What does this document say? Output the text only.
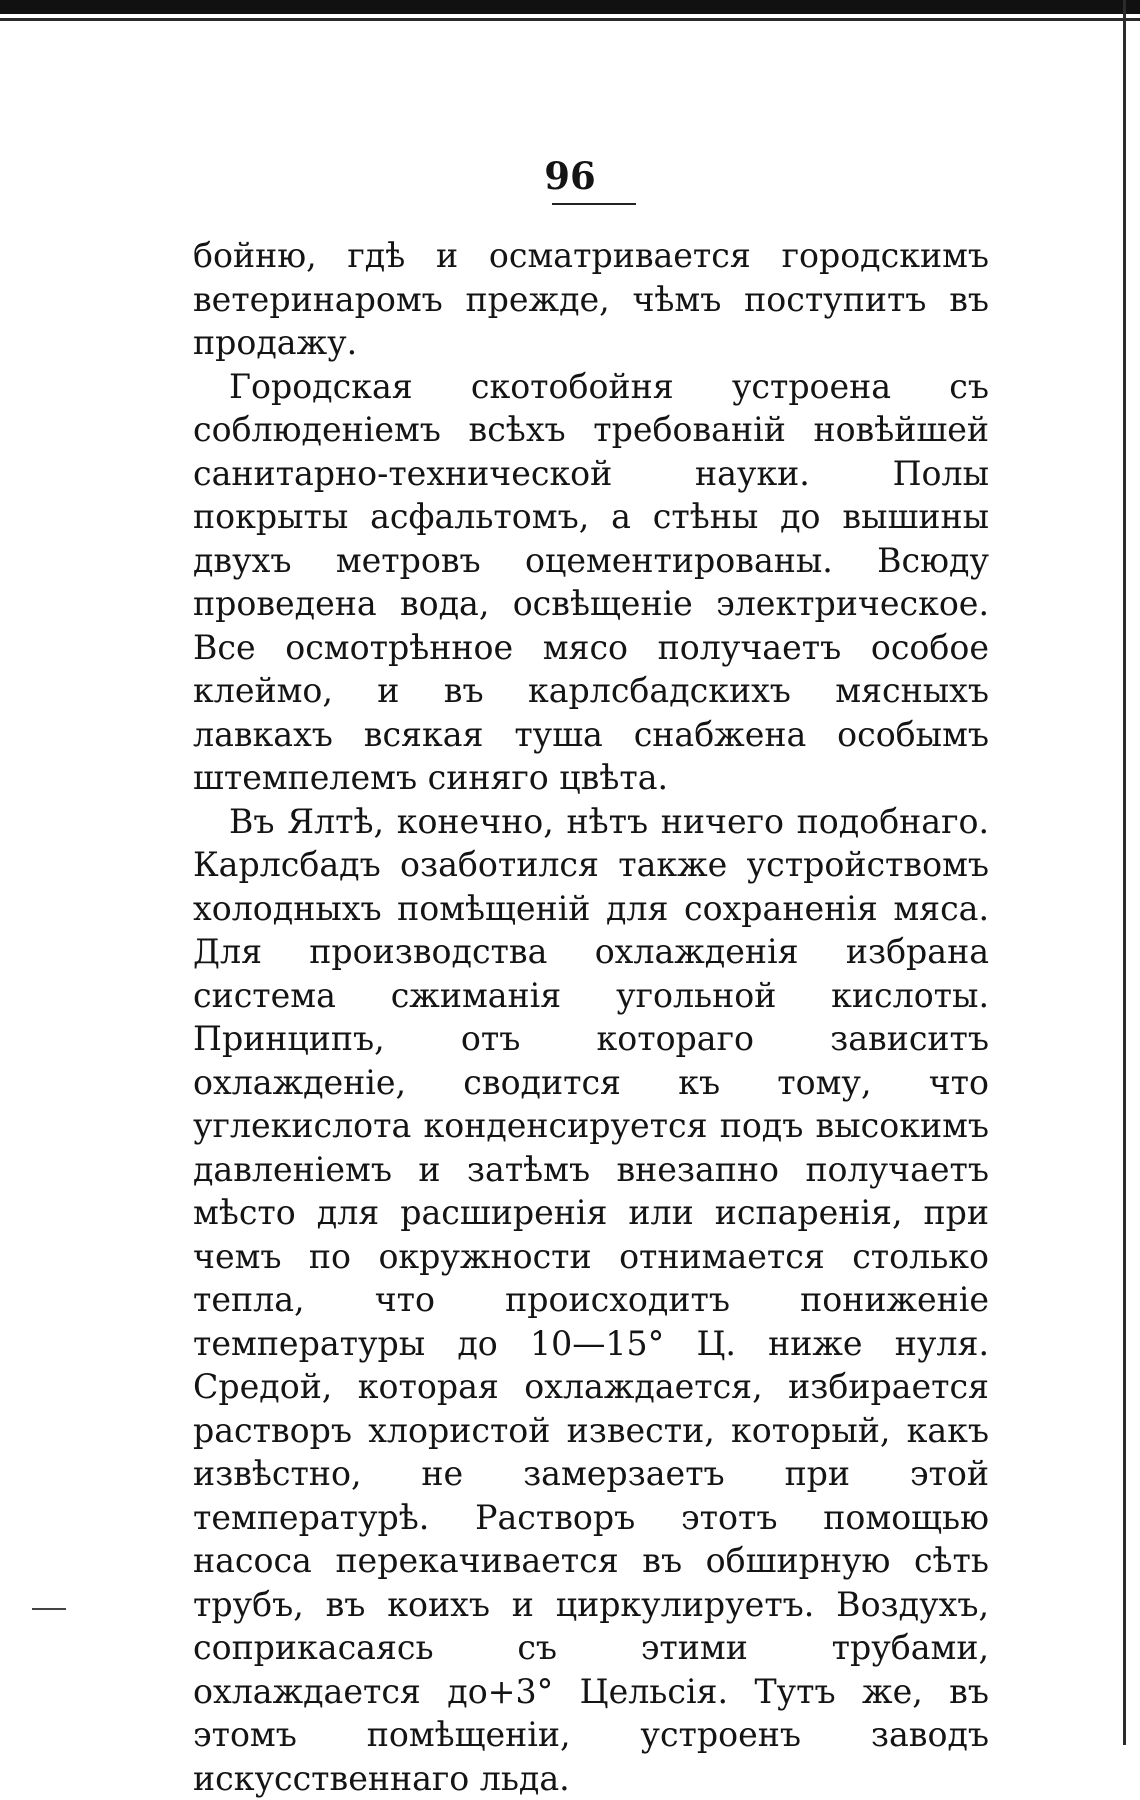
96

бойню, гдѣ и осматривается городскимъ ветеринаромъ прежде, чѣмъ поступитъ въ продажу.

Городская скотобойня устроена съ соблюденіемъ всѣхъ требованій новѣйшей санитарно-технической науки. Полы покрыты асфальтомъ, а стѣны до вышины двухъ метровъ оцементированы. Всюду проведена вода, освѣщеніе электрическое. Все осмотрѣнное мясо получаетъ особое клеймо, и въ карлсбадскихъ мясныхъ лавкахъ всякая туша снабжена особымъ штемпелемъ синяго цвѣта.

Въ Ялтѣ, конечно, нѣтъ ничего подобнаго. Карлсбадъ озаботился также устройствомъ холодныхъ помѣщеній для сохраненія мяса. Для производства охлажденія избрана система сжиманія угольной кислоты. Принципъ, отъ котораго зависитъ охлажденіе, сводится къ тому, что углекислота конденсируется подъ высокимъ давленіемъ и затѣмъ внезапно получаетъ мѣсто для расширенія или испаренія, при чемъ по окружности отнимается столько тепла, что происходитъ пониженіе температуры до 10—15° Ц. ниже нуля. Средой, которая охлаждается, избирается растворъ хлористой извести, который, какъ извѣстно, не замерзаетъ при этой температурѣ. Растворъ этотъ помощью насоса перекачивается въ обширную сѣть трубъ, въ коихъ и циркулируетъ. Воздухъ, соприкасаясь съ этими трубами, охлаждается до+3° Цельсія. Тутъ же, въ этомъ помѣщеніи, устроенъ заводъ искусственнаго льда.
